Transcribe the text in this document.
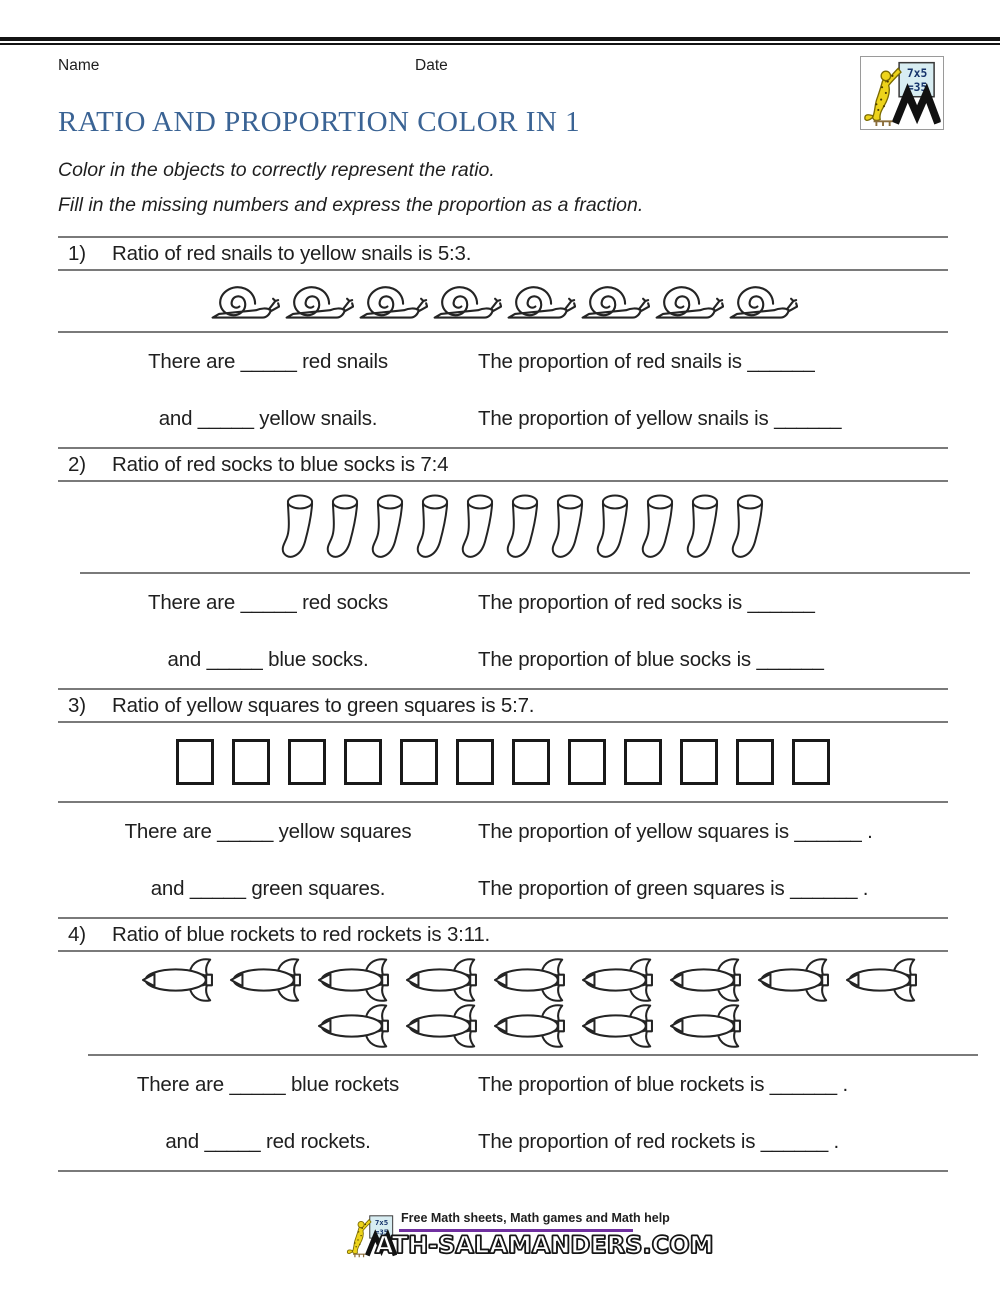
Name	Date
RATIO AND PROPORTION COLOR IN 1

Color in the objects to correctly represent the ratio.

Fill in the missing numbers and express the proportion as a fraction.

1)	Ratio of red snails to yellow snails is 5:3.
There are _____ red snails	The proportion of red snails is ______
and _____ yellow snails.	The proportion of yellow snails is ______
2)	Ratio of red socks to blue socks is 7:4
There are _____ red socks	The proportion of red socks is ______
and _____ blue socks.	The proportion of blue socks is ______
3)	Ratio of yellow squares to green squares is 5:7.
There are _____ yellow squares	The proportion of yellow squares is ______ .
and _____ green squares.	The proportion of green squares is ______ .
4)	Ratio of blue rockets to red rockets is 3:11.
There are _____ blue rockets	The proportion of blue rockets is ______ .
and _____ red rockets.	The proportion of red rockets is ______ .
Free Math sheets, Math games and Math help
ATH-SALAMANDERS.COM
